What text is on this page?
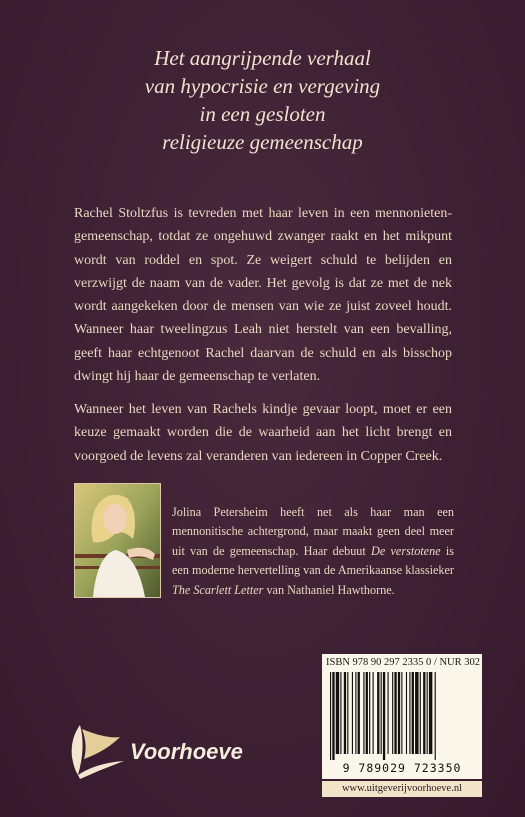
Het aangrijpende verhaal
van hypocrisie en vergeving
in een gesloten
religieuze gemeenschap

Rachel Stoltzfus is tevreden met haar leven in een mennonieten-gemeenschap, totdat ze ongehuwd zwanger raakt en het mikpunt wordt van roddel en spot. Ze weigert schuld te belijden en verzwijgt de naam van de vader. Het gevolg is dat ze met de nek wordt aangekeken door de mensen van wie ze juist zoveel houdt. Wanneer haar tweelingzus Leah niet herstelt van een bevalling, geeft haar echtgenoot Rachel daarvan de schuld en als bisschop dwingt hij haar de gemeenschap te verlaten.

Wanneer het leven van Rachels kindje gevaar loopt, moet er een keuze gemaakt worden die de waarheid aan het licht brengt en voorgoed de levens zal veranderen van iedereen in Copper Creek.

Jolina Petersheim heeft net als haar man een mennonitische achtergrond, maar maakt geen deel meer uit van de gemeenschap. Haar debuut De verstotene is een moderne hervertelling van de Amerikaanse klassieker The Scarlett Letter van Nathaniel Hawthorne.

Voorhoeve
ISBN 978 90 297 2335 0 / NUR 302
9 789029 723350
www.uitgeverijvoorhoeve.nl
